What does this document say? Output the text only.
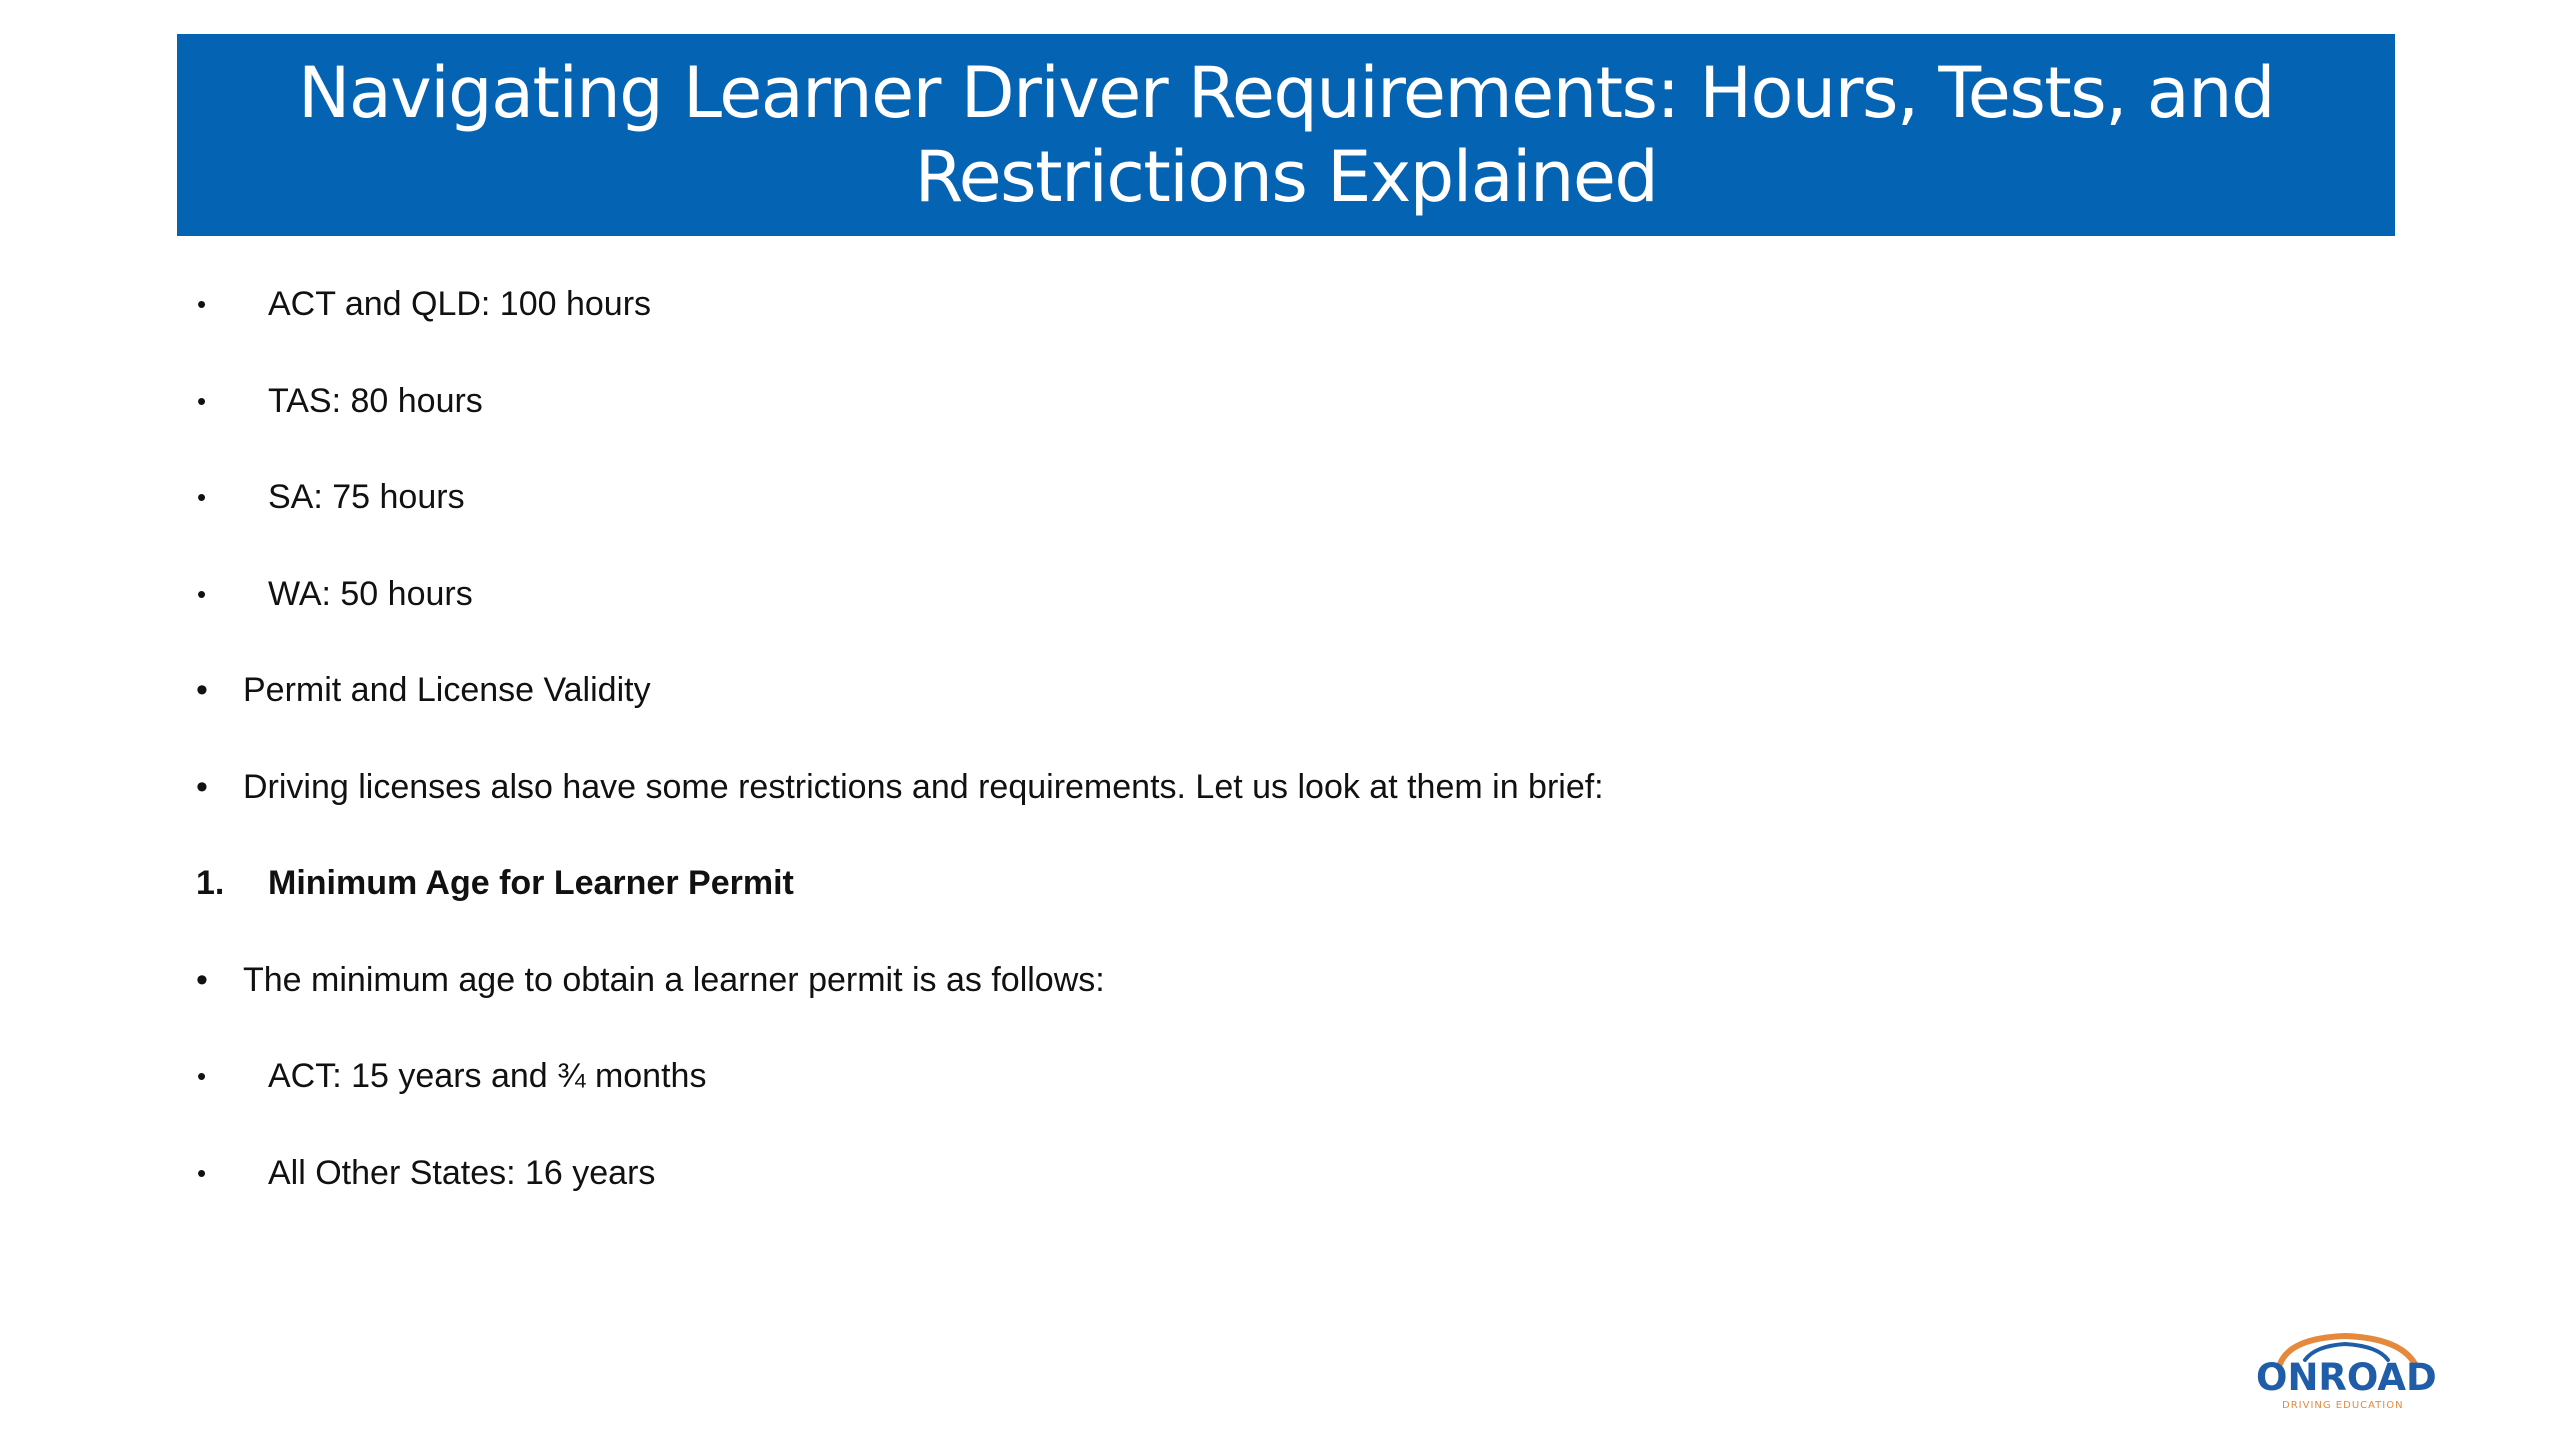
Navigating Learner Driver Requirements: Hours, Tests, and Restrictions Explained
• ACT and QLD: 100 hours
• TAS: 80 hours
• SA: 75 hours
• WA: 50 hours
• Permit and License Validity
• Driving licenses also have some restrictions and requirements. Let us look at them in brief:
1. Minimum Age for Learner Permit
• The minimum age to obtain a learner permit is as follows:
• ACT: 15 years and ¾ months
• All Other States: 16 years
ONROAD
DRIVING EDUCATION
